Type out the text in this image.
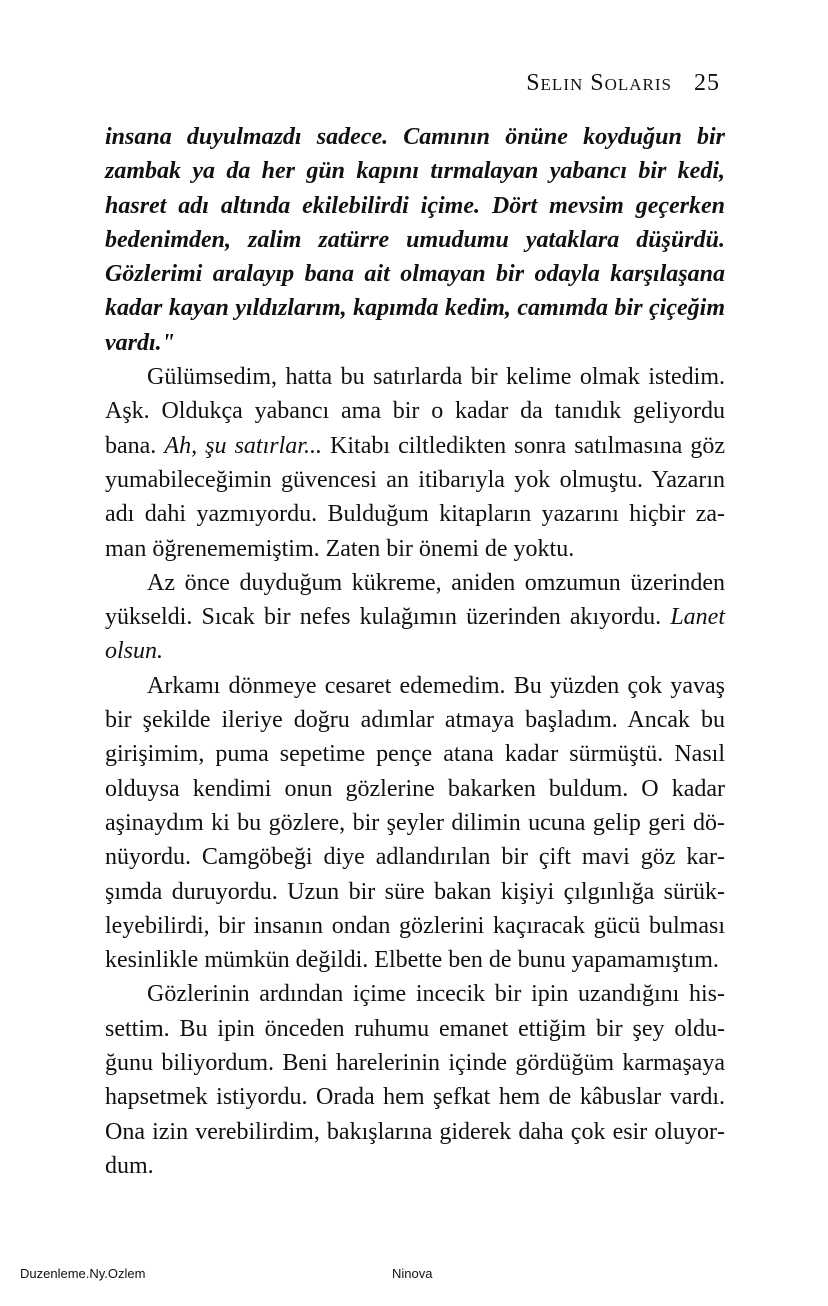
Selin Solaris 25

insana duyulmazdı sadece. Camının önüne koyduğun bir zambak ya da her gün kapını tırmalayan yabancı bir kedi, hasret adı altında ekilebilirdi içime. Dört mevsim geçerken bedenimden, zalim zatürre umudumu yataklara düşürdü. Gözlerimi aralayıp bana ait olmayan bir odayla karşılaşana kadar kayan yıldızlarım, kapımda kedim, camımda bir çiçeğim vardı."

Gülümsedim, hatta bu satırlarda bir kelime olmak istedim. Aşk. Oldukça yabancı ama bir o kadar da tanıdık geliyordu bana. Ah, şu satırlar... Kitabı ciltledikten sonra satılmasına göz yumabileceğimin güvencesi an itibarıyla yok olmuştu. Yazarın adı dahi yazmıyordu. Bulduğum kitapların yazarını hiçbir zaman öğrenememiştim. Zaten bir önemi de yoktu.

Az önce duyduğum kükreme, aniden omzumun üzerinden yükseldi. Sıcak bir nefes kulağımın üzerinden akıyordu. Lanet olsun.

Arkamı dönmeye cesaret edemedim. Bu yüzden çok yavaş bir şekilde ileriye doğru adımlar atmaya başladım. Ancak bu girişimim, puma sepetime pençe atana kadar sürmüştü. Nasıl olduysa kendimi onun gözlerine bakarken buldum. O kadar aşinaydım ki bu gözlere, bir şeyler dilimin ucuna gelip geri dönüyordu. Camgöbeği diye adlandırılan bir çift mavi göz karşımda duruyordu. Uzun bir süre bakan kişiyi çılgınlığa sürükleyebilirdi, bir insanın ondan gözlerini kaçıracak gücü bulması kesinlikle mümkün değildi. Elbette ben de bunu yapamamıştım.

Gözlerinin ardından içime incecik bir ipin uzandığını hissettim. Bu ipin önceden ruhumu emanet ettiğim bir şey olduğunu biliyordum. Beni harelerinin içinde gördüğüm karmaşaya hapsetmek istiyordu. Orada hem şefkat hem de kâbuslar vardı. Ona izin verebilirdim, bakışlarına giderek daha çok esir oluyordum.

Duzenleme.Ny.Ozlem	Ninova
